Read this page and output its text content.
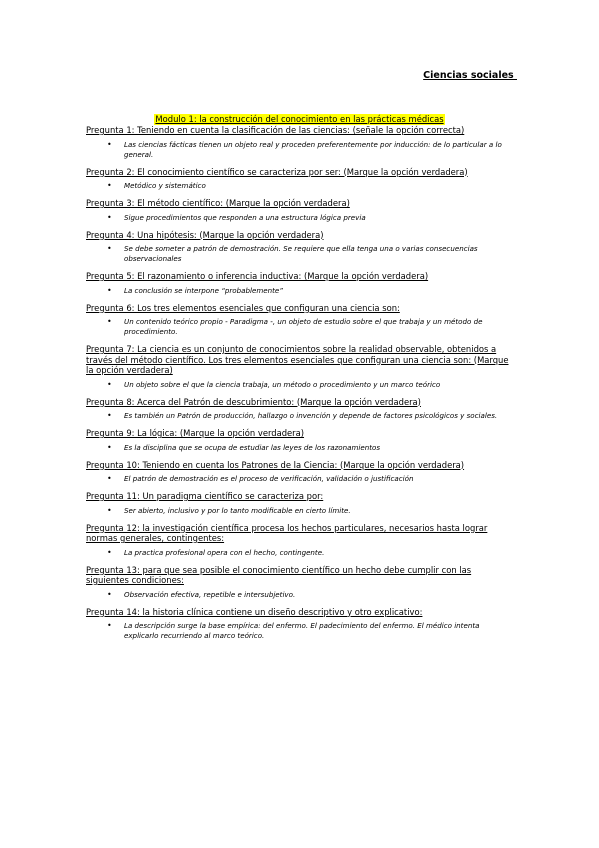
Ciencias sociales
Modulo 1: la construcción del conocimiento en las prácticas médicas
Pregunta 1: Teniendo en cuenta la clasificación de las ciencias: (señale la opción correcta)
• Las ciencias fácticas tienen un objeto real y proceden preferentemente por inducción: de lo particular a lo general.
Pregunta 2: El conocimiento científico se caracteriza por ser: (Marque la opción verdadera)
• Metódico y sistemático
Pregunta 3: El método científico: (Marque la opción verdadera)
• Sigue procedimientos que responden a una estructura lógica previa
Pregunta 4: Una hipótesis: (Marque la opción verdadera)
• Se debe someter a patrón de demostración. Se requiere que ella tenga una o varias consecuencias observacionales
Pregunta 5: El razonamiento o inferencia inductiva: (Marque la opción verdadera)
• La conclusión se interpone “probablemente”
Pregunta 6: Los tres elementos esenciales que configuran una ciencia son:
• Un contenido teórico propio - Paradigma -, un objeto de estudio sobre el que trabaja y un método de procedimiento.
Pregunta 7: La ciencia es un conjunto de conocimientos sobre la realidad observable, obtenidos a través del método científico. Los tres elementos esenciales que configuran una ciencia son: (Marque la opción verdadera)
• Un objeto sobre el que la ciencia trabaja, un método o procedimiento y un marco teórico
Pregunta 8: Acerca del Patrón de descubrimiento: (Marque la opción verdadera)
• Es también un Patrón de producción, hallazgo o invención y depende de factores psicológicos y sociales.
Pregunta 9: La lógica: (Marque la opción verdadera)
• Es la disciplina que se ocupa de estudiar las leyes de los razonamientos
Pregunta 10: Teniendo en cuenta los Patrones de la Ciencia: (Marque la opción verdadera)
• El patrón de demostración es el proceso de verificación, validación o justificación
Pregunta 11: Un paradigma científico se caracteriza por:
• Ser abierto, inclusivo y por lo tanto modificable en cierto límite.
Pregunta 12: la investigación científica procesa los hechos particulares, necesarios hasta lograr normas generales, contingentes:
• La practica profesional opera con el hecho, contingente.
Pregunta 13: para que sea posible el conocimiento científico un hecho debe cumplir con las siguientes condiciones:
• Observación efectiva, repetible e intersubjetivo.
Pregunta 14: la historia clínica contiene un diseño descriptivo y otro explicativo:
• La descripción surge la base empírica: del enfermo. El padecimiento del enfermo. El médico intenta explicarlo recurriendo al marco teórico.
